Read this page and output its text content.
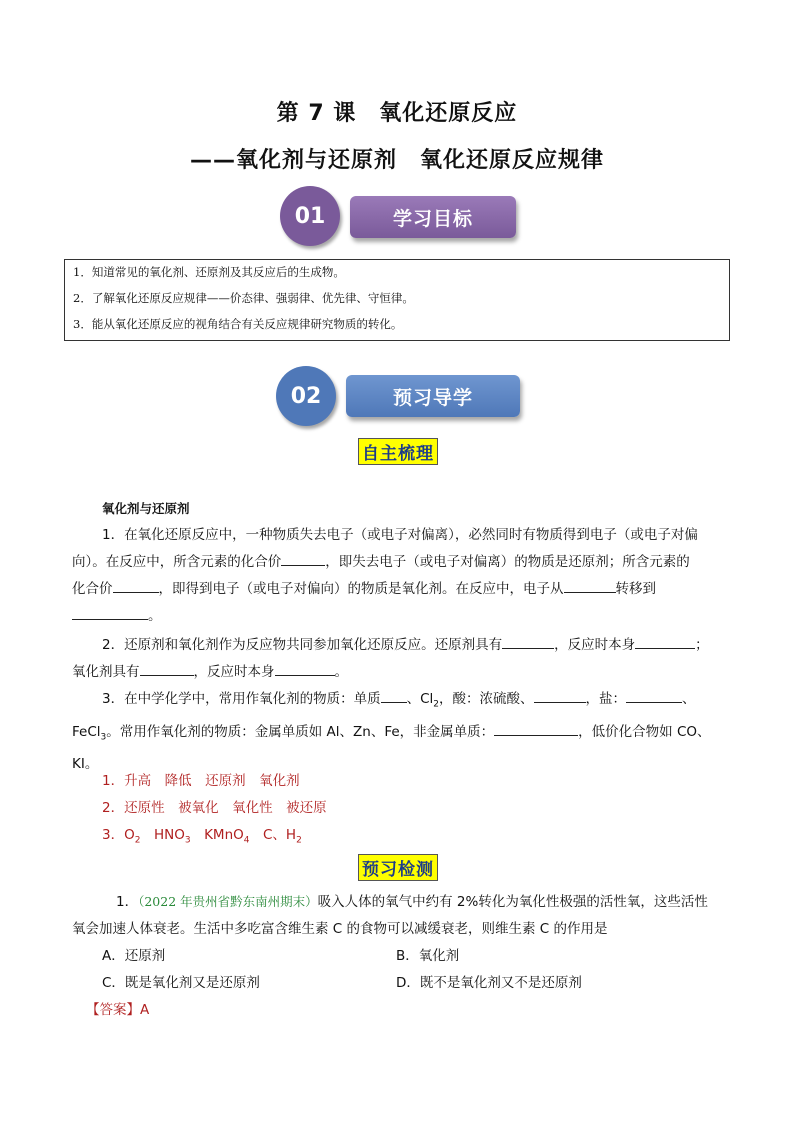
第 7 课　氧化还原反应
——氧化剂与还原剂　氧化还原反应规律
学习目标
01
1．知道常见的氧化剂、还原剂及其反应后的生成物。
2．了解氧化还原反应规律——价态律、强弱律、优先律、守恒律。
3．能从氧化还原反应的视角结合有关反应规律研究物质的转化。
预习导学
02
自主梳理
氧化剂与还原剂
1．在氧化还原反应中，一种物质失去电子（或电子对偏离），必然同时有物质得到电子（或电子对偏
向）。在反应中，所含元素的化合价	，即失去电子（或电子对偏离）的物质是还原剂；所含元素的
化合价	，即得到电子（或电子对偏向）的物质是氧化剂。在反应中，电子从	转移到
。
2．还原剂和氧化剂作为反应物共同参加氧化还原反应。还原剂具有	，反应时本身	；
氧化剂具有	，反应时本身	。
3．在中学化学中，常用作氧化剂的物质：单质 、$Cl_2$，酸：浓硫酸、	，盐：	、
FeCl$_3$。常用作氧化剂的物质：金属单质如 Al、Zn、Fe，非金属单质：	，低价化合物如 CO、
KI。
1．升高　降低　还原剂　氧化剂
2．还原性　被氧化　氧化性　被还原
3．$O_2$　$HNO_3$　KMnO$_4$　C、$H_2$
预习检测
1．（2022 年贵州省黔东南州期末）吸入人体的氧气中约有 2%转化为氧化性极强的活性氧，这些活性
氧会加速人体衰老。生活中多吃富含维生素 C 的食物可以减缓衰老，则维生素 C 的作用是
A．还原剂	B．氧化剂
C．既是氧化剂又是还原剂	D．既不是氧化剂又不是还原剂
【答案】A
